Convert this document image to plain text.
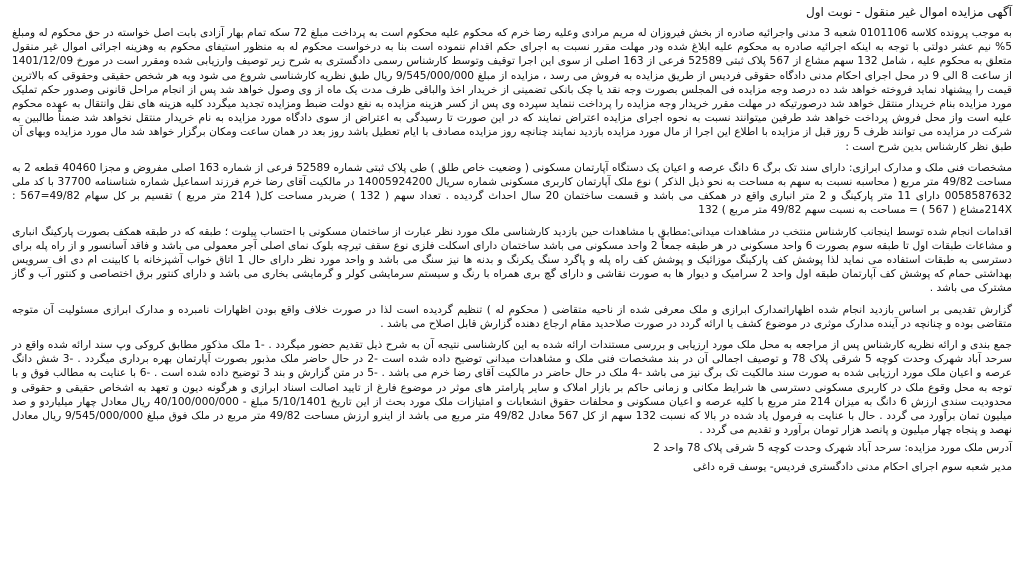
آگهی مزایده اموال غیر منقول - نوبت اول

به موجب پرونده کلاسه 0101106 شعبه 3 مدنی واجرائیه صادره از بخش فیروزان له مریم مرادی وعلیه رضا خرم که محکوم علیه محکوم است به پرداخت مبلغ 72 سکه تمام بهار آزادی بابت اصل خواسته در حق محکوم له ومبلغ 5% نیم عشر دولتی با توجه به اینکه اجرائیه صادره به محکوم علیه ابلاغ شده ودر مهلت مقرر نسبت به اجرای حکم اقدام ننموده است بنا به درخواست محکوم له به منظور استیفای محکوم به وهزینه اجرائی اموال غیر منقول متعلق به محکوم علیه ، شامل 132 سهم مشاع از 567 پلاک ثبتی 52589 فرعی از 163 اصلی از سوی این اجرا توقیف وتوسط کارشناس رسمی دادگستری به شرح زیر توصیف وارزیابی شده ومقرر است در مورخ 1401/12/09 از ساعت 8 الی 9 در محل اجرای احکام مدنی دادگاه حقوقی فردیس از طریق مزایده به فروش می رسد ، مزایده از مبلغ 9/545/000/000 ریال طبق نظریه کارشناسی شروع می شود وبه هر شخص حقیقی وحقوقی که بالاترین قیمت را پیشنهاد نماید فروخته خواهد شد ده درصد وجه مزایده فی المجلس بصورت وجه نقد یا چک بانکی تضمینی از خریدار اخذ والباقی ظرف مدت یک ماه از وی وصول خواهد شد پس از انجام مراحل قانونی وصدور حکم تملیک مورد مزایده بنام خریدار منتقل خواهد شد درصورتیکه در مهلت مقرر خریدار وجه مزایده را پرداخت ننماید سپرده وی پس از کسر هزینه مزایده به نفع دولت ضبط ومزایده تجدید میگردد کلیه هزینه های نقل وانتقال به عهده محکوم علیه است واز محل فروش پرداخت خواهد شد طرفین میتوانند نسبت به نحوه اجرای مزایده اعتراض نمایند که در این صورت تا رسیدگی به اعتراض از سوی دادگاه مورد مزایده به نام خریدار منتقل نخواهد شد ضمناً طالبین به شرکت در مزایده می توانند ظرف 5 روز قبل از مزایده با اطلاع این اجرا از مال مورد مزایده بازدید نمایند چنانچه روز مزایده مصادف با ایام تعطیل باشد روز بعد در همان ساعت ومکان برگزار خواهد شد مال مورد مزایده وبهای آن طبق نظر کارشناس بدین شرح است :

مشخصات فنی ملک و مدارک ابرازی: دارای سند تک برگ 6 دانگ عرصه و اعیان یک دستگاه آپارتمان مسکونی ( وضعیت خاص طلق ) طی پلاک ثبتی شماره 52589 فرعی از شماره 163 اصلی مفروض و مجزا 40460 قطعه 2 به مساحت 49/82 متر مربع ( محاسبه نسبت به سهم به مساحت به نحو ذیل الذکر ) نوع ملک آپارتمان کاربری مسکونی شماره سریال 14005924200 در مالکیت آقای رضا خرم فرزند اسماعیل شماره شناسنامه 37700 با کد ملی 0058587632 دارای 11 متر پارکینگ و 2 متر انباری واقع در همکف می باشد و قسمت ساختمان 20 سال احداث گردیده . تعداد سهم ( 132 ) ضربدر مساحت کل( 214 متر مربع ) تقسیم بر کل سهام 49/82=567 : 214Xمشاع ( 567 ) = مساحت به نسبت سهم 49/82 متر مربع ) 132

اقدامات انجام شده توسط اینجانب کارشناس منتخب در مشاهدات میدانی:مطابق با مشاهدات حین بازدید کارشناسی ملک مورد نظر عبارت از ساختمان مسکونی با احتساب پیلوت ؛ طبقه که در طبقه همکف بصورت پارکینگ انباری و مشاعات طبقات اول تا طبقه سوم بصورت 6 واحد مسکونی در هر طبقه جمعاً 2 واحد مسکونی می باشد ساختمان دارای اسکلت فلزی نوع سقف تیرچه بلوک نمای اصلی آجر معمولی می باشد و فاقد آسانسور و از راه پله برای دسترسی به طبقات استفاده می نماید لذا پوشش کف پارکینگ موزائیک و پوشش کف راه پله و پاگرد سنگ یکرنگ و بدنه ها نیز سنگ می باشد و واحد مورد نظر دارای حال 1 اتاق خواب آشپزخانه با کابینت ام دی اف سرویس بهداشتی حمام که پوشش کف آپارتمان طبقه اول واحد 2 سرامیک و دیوار ها به صورت نقاشی و دارای گچ بری همراه با رنگ و سیستم سرمایشی کولر و گرمایشی بخاری می باشد و دارای کنتور برق اختصاصی و کنتور آب و گاز مشترک می باشد .

گزارش تقدیمی بر اساس بازدید انجام شده اظهاراتمدارک ابرازی و ملک معرفی شده از ناحیه متقاضی ( محکوم له ) تنظیم گردیده است لذا در صورت خلاف واقع بودن اظهارات نامبرده و مدارک ابرازی مسئولیت آن متوجه متقاضی بوده و چنانچه در آینده مدارک موثری در موضوع کشف یا ارائه گردد در صورت صلاحدید مقام ارجاع دهنده گزارش قابل اصلاح می باشد .

جمع بندی و ارائه نظریه کارشناس پس از مراجعه به محل ملک مورد ارزیابی و بررسی مستندات ارائه شده به این کارشناسی نتیجه آن به شرح ذیل تقدیم حضور میگردد . -1 ملک مذکور مطابق کروکی وپ سند ارائه شده واقع در سرحد آباد شهرک وحدت کوچه 5 شرقی پلاک 78 و توصیف اجمالی آن در بند مشخصات فنی ملک و مشاهدات میدانی توضیح داده شده است -2 در حال حاضر ملک مذبور بصورت آپارتمان بهره برداری میگردد . -3 شش دانگ عرصه و اعیان ملک مورد ارزیابی شده به صورت سند مالکیت تک برگ نیز می باشد -4 ملک در حال حاضر در مالکیت آقای رضا خرم می باشد . -5 در متن گزارش و بند 3 توضیح داده شده است . -6 با عنایت به مطالب فوق و با توجه به محل وقوع ملک در کاربری مسکونی دسترسی ها شرایط مکانی و زمانی حاکم بر بازار املاک و سایر پارامتر های موثر در موضوع فارغ از تایید اصالت اسناد ابرازی و هرگونه دیون و تعهد به اشخاص حقیقی و حقوقی و محدودیت سندی ارزش 6 دانگ به میزان 214 متر مربع با کلیه عرصه و اعیان مسکونی و محلفات حقوق انشعابات و امتیازات ملک مورد بحث از این تاریخ 5/10/1401 مبلغ - 40/100/000/000 ریال معادل چهار میلیاردو و صد میلیون تمان برآورد می گردد . حال با عنایت به فرمول یاد شده در بالا که نسبت 132 سهم از کل 567 معادل 49/82 متر مربع می باشد از اینرو ارزش مساحت 49/82 متر مربع در ملک فوق مبلغ 9/545/000/000 ریال معادل نهصد و پنجاه چهار میلیون و پانصد هزار تومان برآورد و تقدیم می گردد .

آدرس ملک مورد مزایده: سرحد آباد شهرک وحدت کوچه 5 شرقی پلاک 78 واحد 2
مدیر شعبه سوم اجرای احکام مدنی دادگستری فردیس- یوسف قره داغی
